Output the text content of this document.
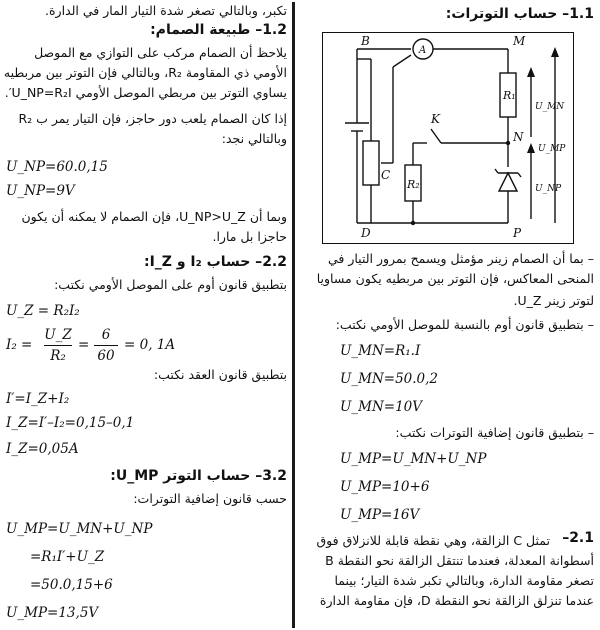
تكبر، وبالتالي تصغر شدة التيار المار في الدارة.
1.2– طبيعة الصمام:
يلاحظ أن الصمام مركب على التوازي مع الموصل
الأومي ذي المقاومة R₂، وبالتالي فإن التوتر بين مربطيه
يساوي التوتر بين مربطي الموصل الأومي U_NP=R₂I′.
إذا كان الصمام يلعب دور حاجز، فإن التيار يمر ب R₂
وبالتالي نجد:
U_NP=60.0,15
U_NP=9V
وبما أن U_NP>U_Z، فإن الصمام لا يمكنه أن يكون
حاجزا بل مارا.
2.2– حساب I₂ و I_Z:
بتطبيق قانون أوم على الموصل الأومي نكتب:
U_Z = R₂I₂
I₂ =
U_Z
R₂
=
6
60
= 0, 1A
بتطبيق قانون العقد نكتب:
I′=I_Z+I₂
I_Z=I′–I₂=0,15–0,1
I_Z=0,05A
3.2– حساب التوتر U_MP:
حسب قانون إضافية التوترات:
U_MP=U_MN+U_NP
=R₁I′+U_Z
=50.0,15+6
U_MP=13,5V
1.1– حساب التوترات:
B
A
M
R₁
K
N
C
R₂
D	P
U_MN
U_NP
U_MP
– بما أن الصمام زينر مؤمثل ويسمح بمرور التيار في
المنحى المعاكس، فإن التوتر بين مربطيه يكون مساويا
لتوتر زينر U_Z.
– بتطبيق قانون أوم بالنسبة للموصل الأومي نكتب:
U_MN=R₁.I
U_MN=50.0,2
U_MN=10V
– بتطبيق قانون إضافية التوترات نكتب:
U_MP=U_MN+U_NP
U_MP=10+6
U_MP=16V
2.1–
تمثل C الزالقة، وهي نقطة قابلة للانزلاق فوق
أسطوانة المعدلة، فعندما تنتقل الزالقة نحو النقطة B
تصغر مقاومة الدارة، وبالتالي تكبر شدة التيار؛ بينما
عندما تنزلق الزالقة نحو النقطة D، فإن مقاومة الدارة
